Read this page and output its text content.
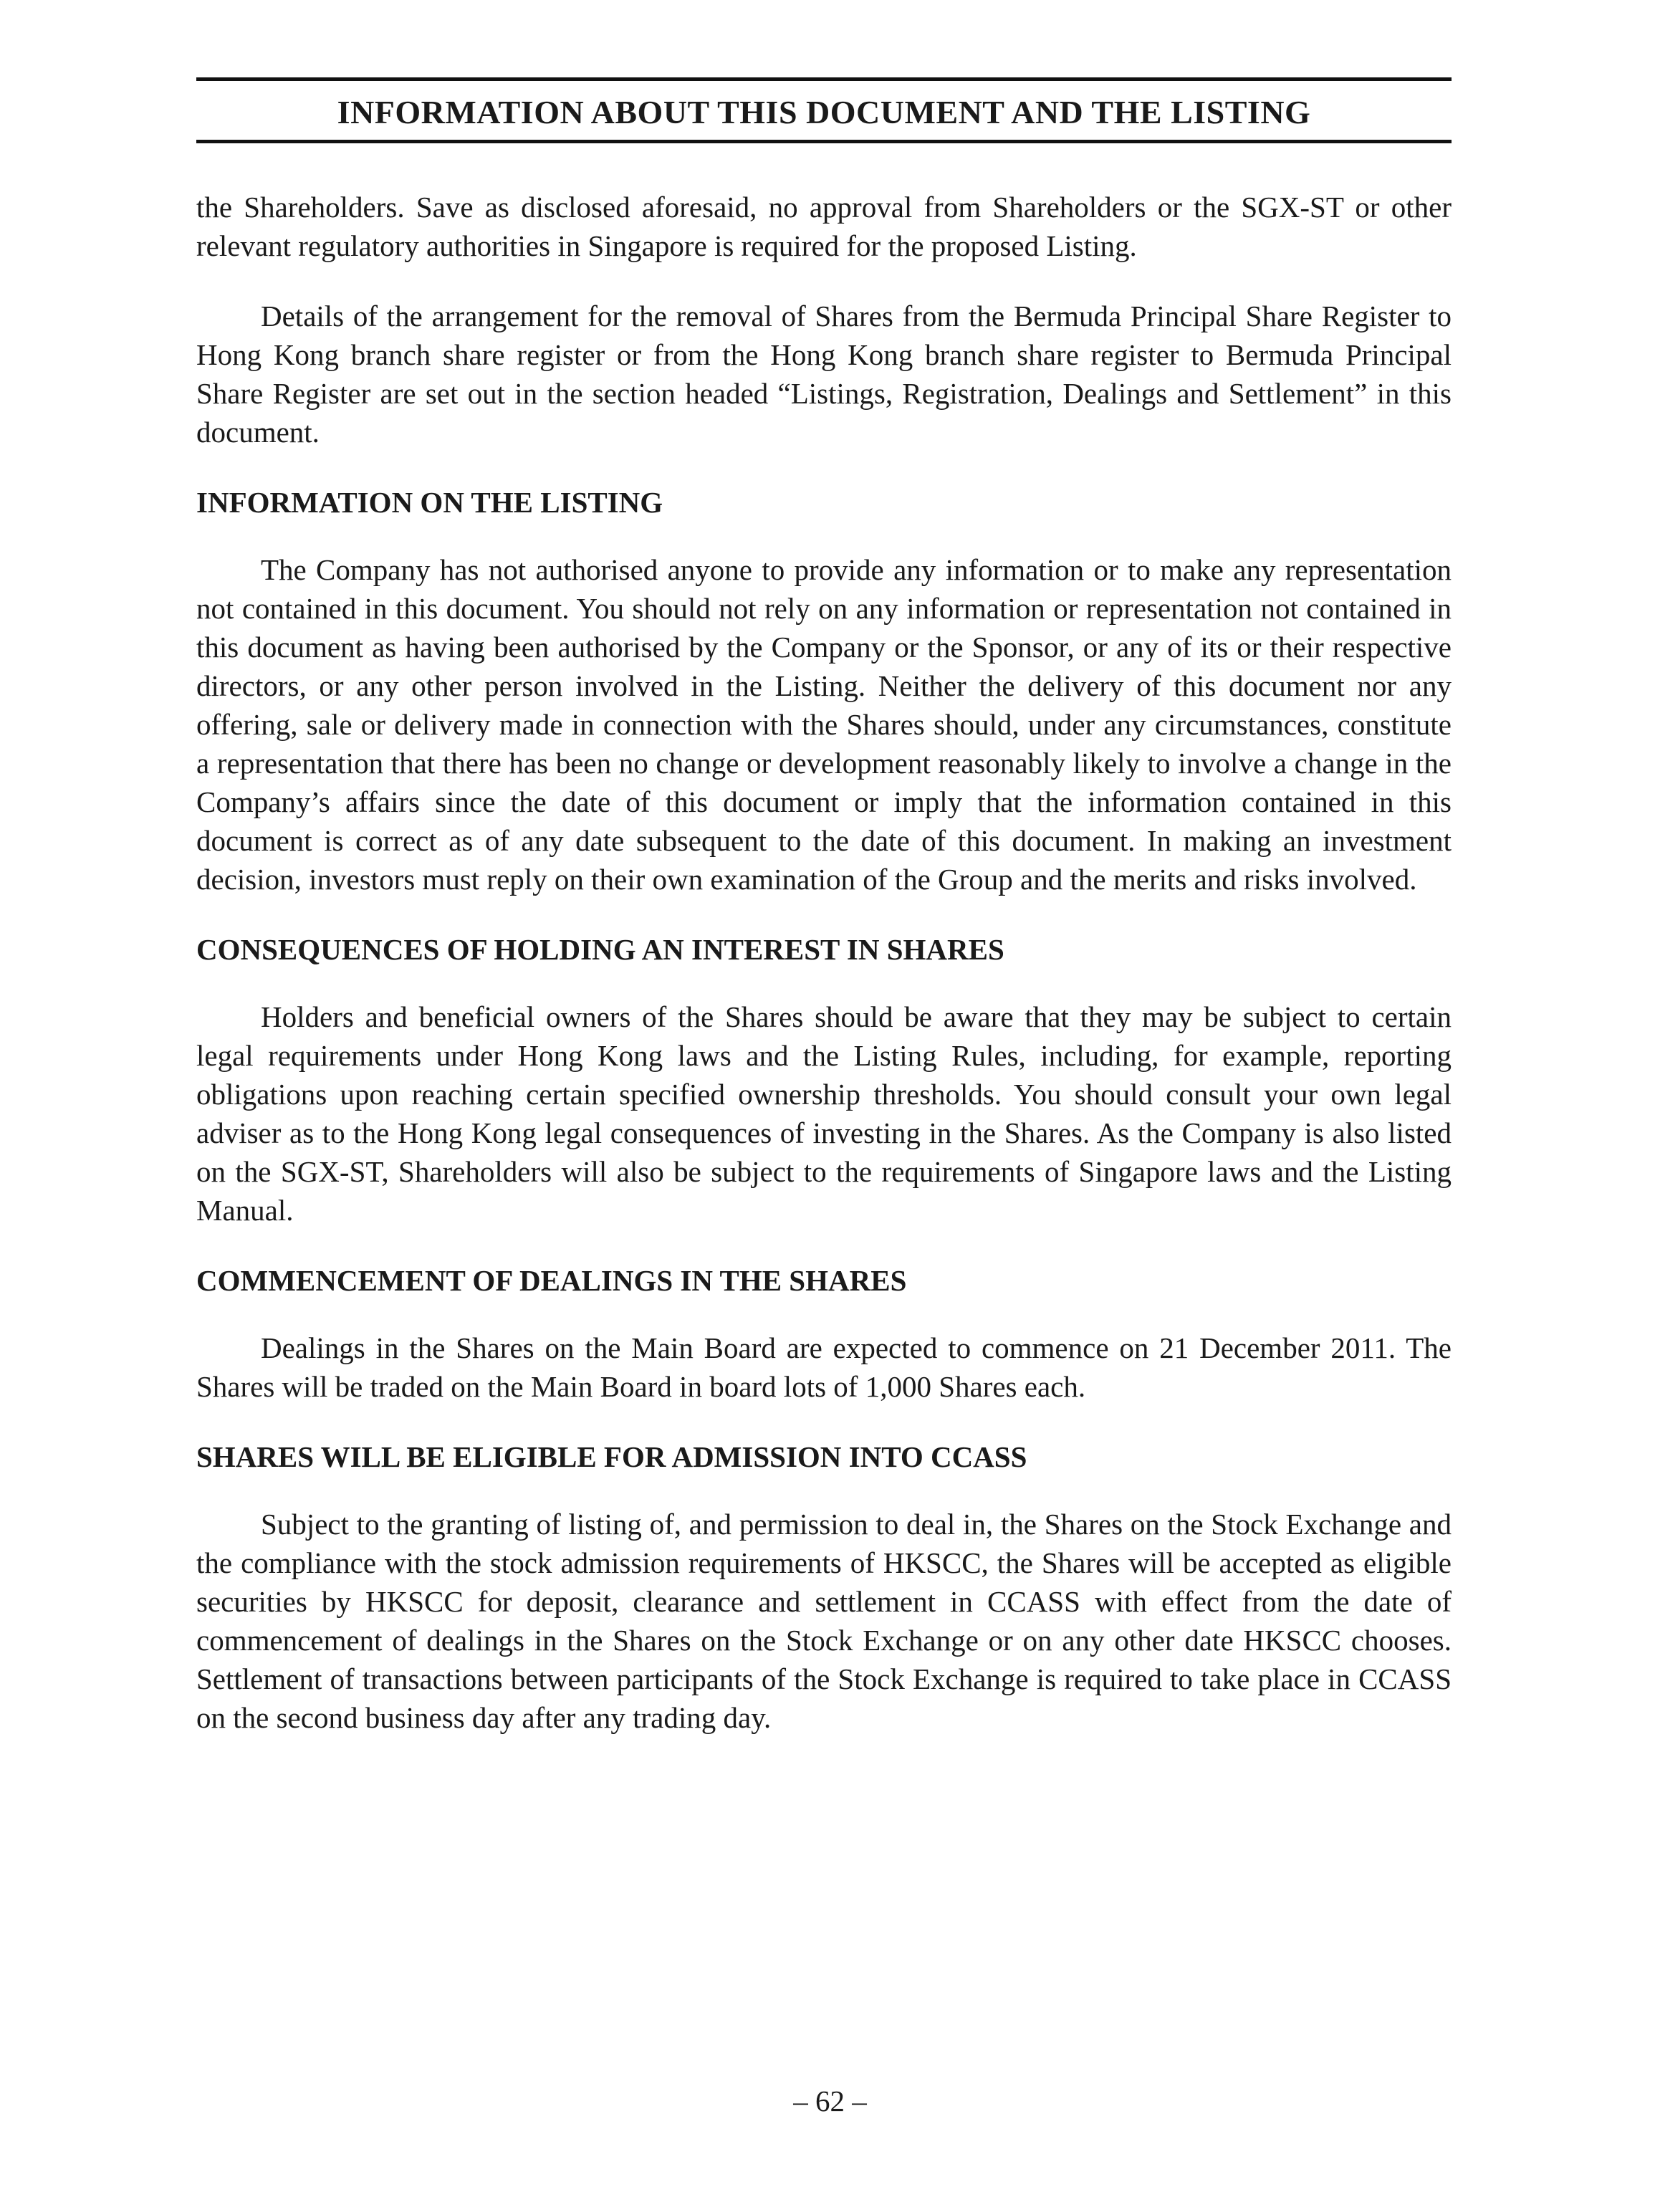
INFORMATION ABOUT THIS DOCUMENT AND THE LISTING

the Shareholders. Save as disclosed aforesaid, no approval from Shareholders or the SGX-ST or other relevant regulatory authorities in Singapore is required for the proposed Listing.

Details of the arrangement for the removal of Shares from the Bermuda Principal Share Register to Hong Kong branch share register or from the Hong Kong branch share register to Bermuda Principal Share Register are set out in the section headed “Listings, Registration, Dealings and Settlement” in this document.

INFORMATION ON THE LISTING

The Company has not authorised anyone to provide any information or to make any representation not contained in this document. You should not rely on any information or representation not contained in this document as having been authorised by the Company or the Sponsor, or any of its or their respective directors, or any other person involved in the Listing. Neither the delivery of this document nor any offering, sale or delivery made in connection with the Shares should, under any circumstances, constitute a representation that there has been no change or development reasonably likely to involve a change in the Company’s affairs since the date of this document or imply that the information contained in this document is correct as of any date subsequent to the date of this document. In making an investment decision, investors must reply on their own examination of the Group and the merits and risks involved.

CONSEQUENCES OF HOLDING AN INTEREST IN SHARES

Holders and beneficial owners of the Shares should be aware that they may be subject to certain legal requirements under Hong Kong laws and the Listing Rules, including, for example, reporting obligations upon reaching certain specified ownership thresholds. You should consult your own legal adviser as to the Hong Kong legal consequences of investing in the Shares. As the Company is also listed on the SGX-ST, Shareholders will also be subject to the requirements of Singapore laws and the Listing Manual.

COMMENCEMENT OF DEALINGS IN THE SHARES

Dealings in the Shares on the Main Board are expected to commence on 21 December 2011. The Shares will be traded on the Main Board in board lots of 1,000 Shares each.

SHARES WILL BE ELIGIBLE FOR ADMISSION INTO CCASS

Subject to the granting of listing of, and permission to deal in, the Shares on the Stock Exchange and the compliance with the stock admission requirements of HKSCC, the Shares will be accepted as eligible securities by HKSCC for deposit, clearance and settlement in CCASS with effect from the date of commencement of dealings in the Shares on the Stock Exchange or on any other date HKSCC chooses. Settlement of transactions between participants of the Stock Exchange is required to take place in CCASS on the second business day after any trading day.

– 62 –
